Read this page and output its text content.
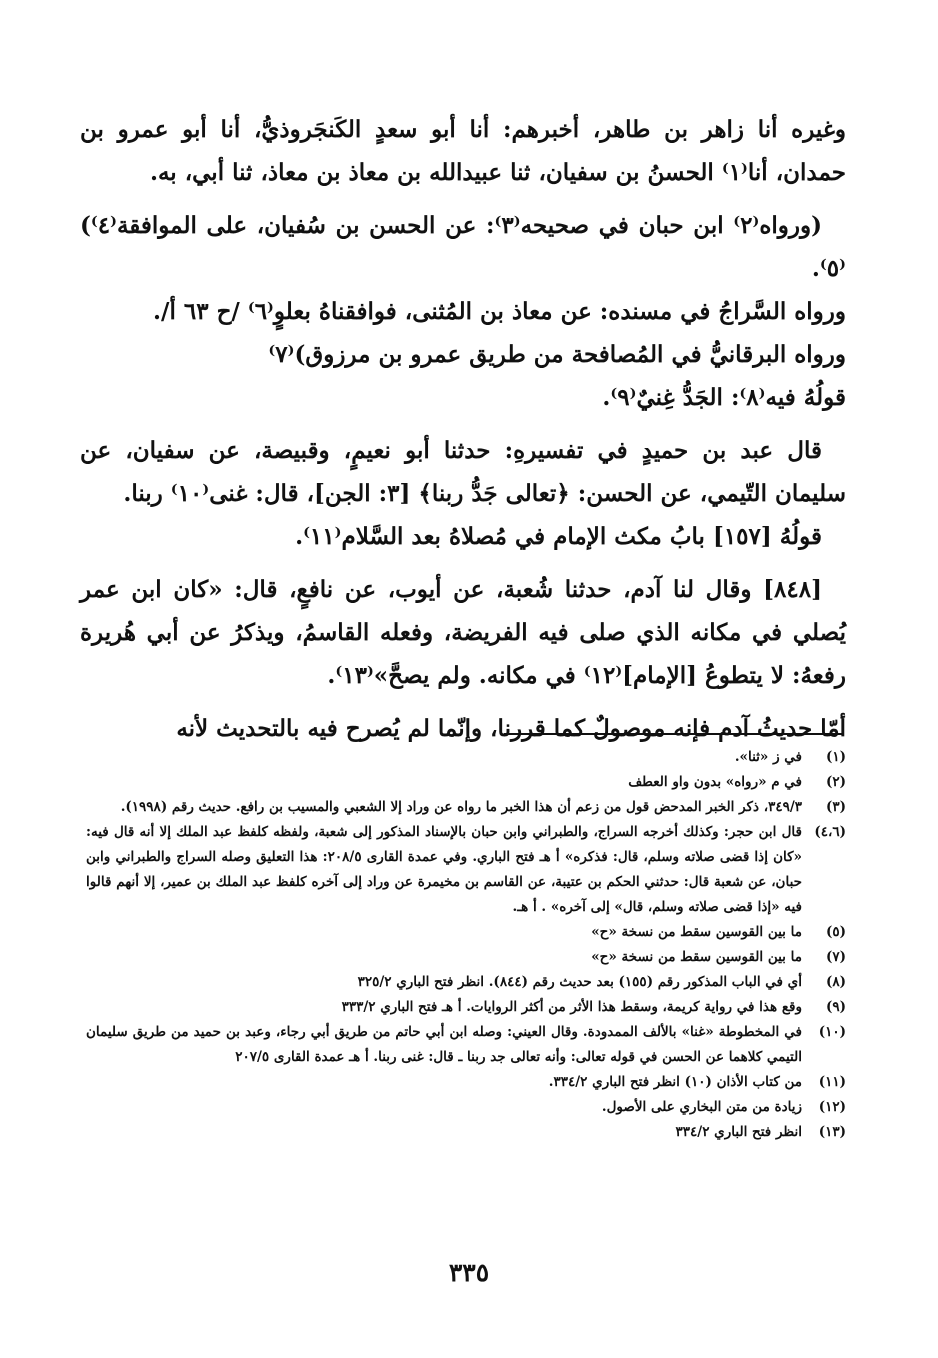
وغيره أنا زاهر بن طاهر، أخبرهم: أنا أبو سعدٍ الكَنجَروذيُّ، أنا أبو عمرو بن حمدان، أنا⁽١⁾ الحسنُ بن سفيان، ثنا عبيدالله بن معاذ بن معاذ، ثنا أبي، به.

(ورواه⁽٢⁾ ابن حبان في صحيحه⁽٣⁾: عن الحسن بن سُفيان، على الموافقة⁽٤⁾)⁽٥⁾.

ورواه السَّراجُ في مسنده: عن معاذ بن المُثنى، فوافقناهُ بعلوٍ⁽٦⁾ /ح ٦٣ أ/.

ورواه البرقانيُّ في المُصافحة من طريق عمرو بن مرزوق)⁽٧⁾

قولُهُ فيه⁽٨⁾: الجَدُّ غِنيٌ⁽٩⁾.

قال عبد بن حميدٍ في تفسيرهِ: حدثنا أبو نعيمٍ، وقبيصة، عن سفيان، عن سليمان التّيمي، عن الحسن: ﴿تعالى جَدُّ ربنا﴾ [٣: الجن]، قال: غنى⁽١٠⁾ ربنا.

قولُهُ [١٥٧] بابُ مكث الإمام في مُصلاهُ بعد السَّلام⁽١١⁾.

[٨٤٨] وقال لنا آدم، حدثنا شُعبة، عن أيوب، عن نافعٍ، قال: «كان ابن عمر يُصلي في مكانه الذي صلى فيه الفريضة، وفعله القاسمُ، ويذكرُ عن أبي هُريرة رفعهُ: لا يتطوعُ [الإمام]⁽١٢⁾ في مكانه. ولم يصحَّ»⁽١٣⁾.

أمّا حديثُ آدم فإنه موصولٌ كما قررنا، وإنّما لم يُصرح فيه بالتحديث لأنه

(١)
في ز «ثنا».
(٢)
في م «رواه» بدون واو العطف
(٣)
٣٤٩/٣، ذكر الخبر المدحض قول من زعم أن هذا الخبر ما رواه عن وراد إلا الشعبي والمسيب بن رافع. حديث رقم (١٩٩٨).
(٤،٦)
قال ابن حجر: وكذلك أخرجه السراج، والطبراني وابن حبان بالإسناد المذكور إلى شعبة، ولفظه كلفظ عبد الملك إلا أنه قال فيه: «كان إذا قضى صلاته وسلم، قال: فذكره» أ هـ فتح الباري. وفي عمدة القارى ٢٠٨/٥: هذا التعليق وصله السراج والطبراني وابن حبان، عن شعبة قال: حدثني الحكم بن عتيبة، عن القاسم بن مخيمرة عن وراد إلى آخره كلفظ عبد الملك بن عمير، إلا أنهم قالوا فيه «إذا قضى صلاته وسلم، قال» إلى آخره» . أ هـ.
(٥)
ما بين القوسين سقط من نسخة «ح»
(٧)
ما بين القوسين سقط من نسخة «ح»
(٨)
أي في الباب المذكور رقم (١٥٥) بعد حديث رقم (٨٤٤). انظر فتح الباري ٣٢٥/٢
(٩)
وقع هذا في رواية كريمة، وسقط هذا الأثر من أكثر الروايات. أ هـ فتح الباري ٣٣٣/٢
(١٠)
في المخطوطة «غنا» بالألف الممدودة. وقال العيني: وصله ابن أبي حاتم من طريق أبي رجاء، وعبد بن حميد من طريق سليمان التيمي كلاهما عن الحسن في قوله تعالى: وأنه تعالى جد ربنا ـ قال: غنى ربنا. أ هـ عمدة القارى ٢٠٧/٥
(١١)
من كتاب الأذان (١٠) انظر فتح الباري ٣٣٤/٢.
(١٢)
زيادة من متن البخاري على الأصول.
(١٣)
انظر فتح الباري ٣٣٤/٢
٣٣٥
